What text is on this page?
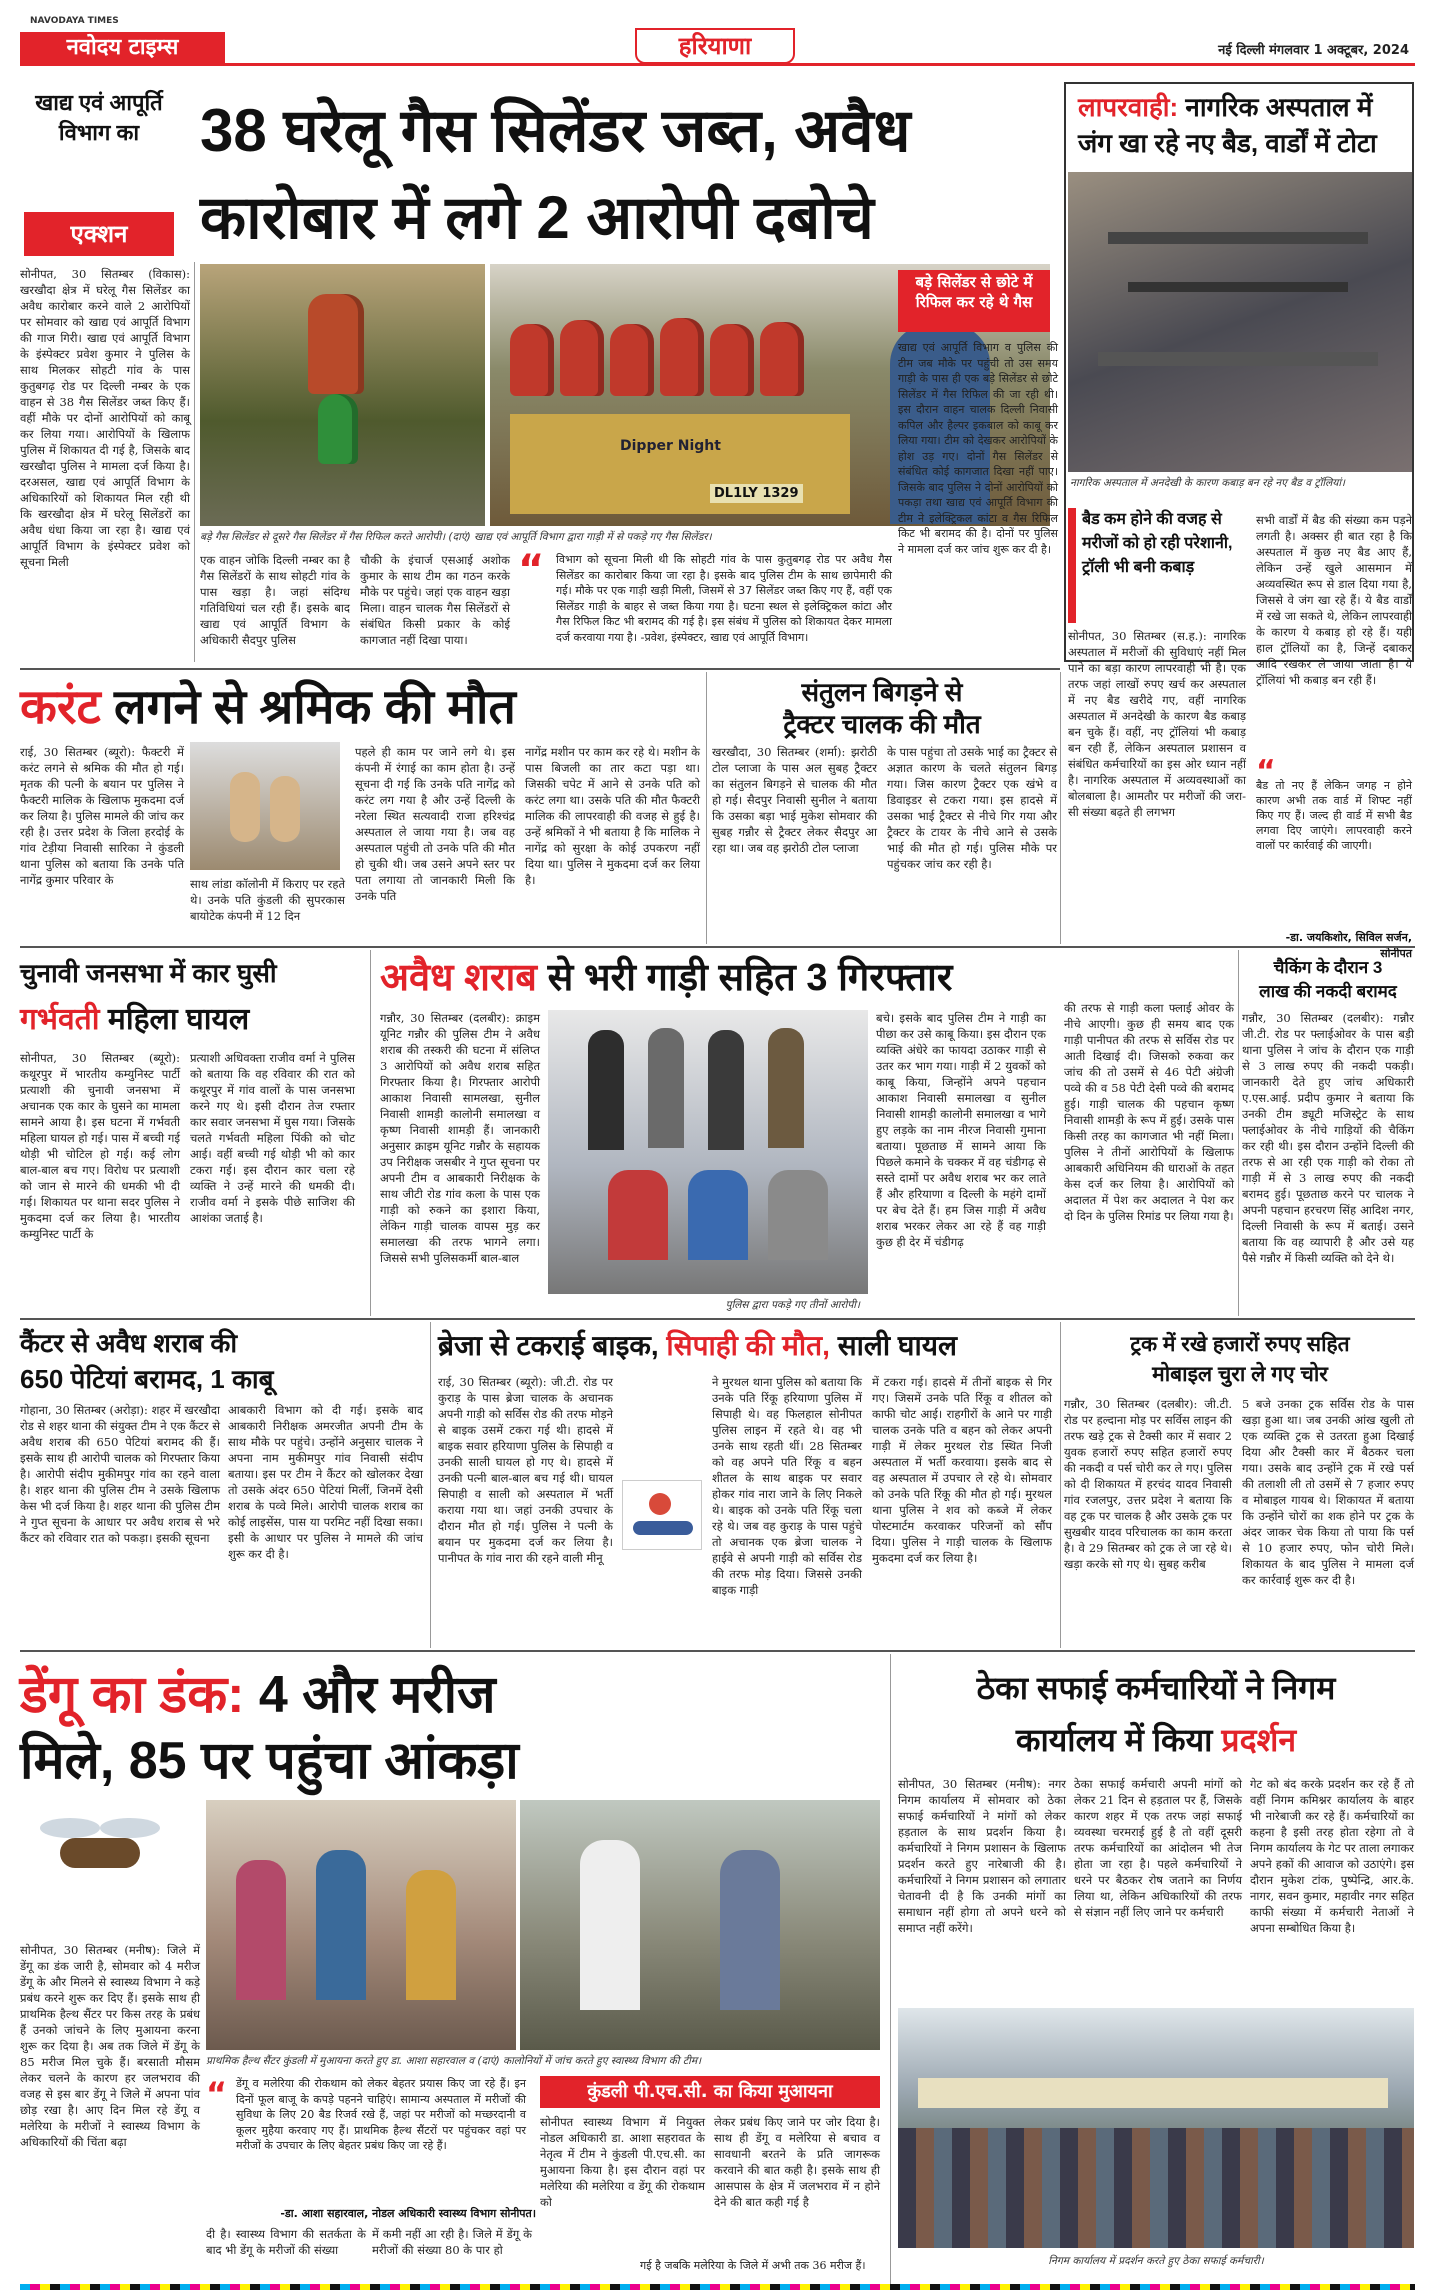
NAVODAYA TIMES
नवोदय टाइम्स	हरियाणा	नई दिल्ली मंगलवार 1 अक्टूबर, 2024
खाद्य एवं आपूर्ति विभाग का
एक्शन
38 घरेलू गैस सिलेंडर जब्त, अवैध
कारोबार में लगे 2 आरोपी दबोचे
सोनीपत, 30 सितम्बर (विकास): खरखौदा क्षेत्र में घरेलू गैस सिलेंडर का अवैध कारोबार करने वाले 2 आरोपियों पर सोमवार को खाद्य एवं आपूर्ति विभाग की गाज गिरी। खाद्य एवं आपूर्ति विभाग के इंस्पेक्टर प्रवेश कुमार ने पुलिस के साथ मिलकर सोहटी गांव के पास कुतुबगढ़ रोड पर दिल्ली नम्बर के एक वाहन से 38 गैस सिलेंडर जब्त किए हैं। वहीं मौके पर दोनों आरोपियों को काबू कर लिया गया। आरोपियों के खिलाफ पुलिस में शिकायत दी गई है, जिसके बाद खरखौदा पुलिस ने मामला दर्ज किया है। दरअसल, खाद्य एवं आपूर्ति विभाग के अधिकारियों को शिकायत मिल रही थी कि खरखौदा क्षेत्र में घरेलू सिलेंडरों का अवैध धंधा किया जा रहा है। खाद्य एवं आपूर्ति विभाग के इंस्पेक्टर प्रवेश को सूचना मिली
Dipper Night
DL1LY 1329
बड़े सिलेंडर से छोटे में रिफिल कर रहे थे गैस
बड़े गैस सिलेंडर से दूसरे गैस सिलेंडर में गैस रिफिल करते आरोपी। (दाएं) खाद्य एवं आपूर्ति विभाग द्वारा गाड़ी में से पकड़े गए गैस सिलेंडर।
खाद्य एवं आपूर्ति विभाग व पुलिस की टीम जब मौके पर पहुंची तो उस समय गाड़ी के पास ही एक बड़े सिलेंडर से छोटे सिलेंडर में गैस रिफिल की जा रही थी। इस दौरान वाहन चालक दिल्ली निवासी कपिल और हैल्पर इकबाल को काबू कर लिया गया। टीम को देखकर आरोपियों के होश उड़ गए। दोनों गैस सिलेंडर से संबंधित कोई कागजात दिखा नहीं पाए। जिसके बाद पुलिस ने दोनों आरोपियों को पकड़ा तथा खाद्य एवं आपूर्ति विभाग की टीम ने इलेक्ट्रिकल कांटा व गैस रिफिल किट भी बरामद की है। दोनों पर पुलिस ने मामला दर्ज कर जांच शुरू कर दी है।
एक वाहन जोकि दिल्ली नम्बर का है गैस सिलेंडरों के साथ सोहटी गांव के पास खड़ा है। जहां संदिग्ध गतिविधियां चल रही हैं। इसके बाद खाद्य एवं आपूर्ति विभाग के अधिकारी सैदपुर पुलिस
चौकी के इंचार्ज एसआई अशोक कुमार के साथ टीम का गठन करके मौके पर पहुंचे। जहां एक वाहन खड़ा मिला। वाहन चालक गैस सिलेंडरों से संबंधित किसी प्रकार के कोई कागजात नहीं दिखा पाया।
“ विभाग को सूचना मिली थी कि सोहटी गांव के पास कुतुबगढ़ रोड पर अवैध गैस सिलेंडर का कारोबार किया जा रहा है। इसके बाद पुलिस टीम के साथ छापेमारी की गई। मौके पर एक गाड़ी खड़ी मिली, जिसमें से 37 सिलेंडर जब्त किए गए हैं, वहीं एक सिलेंडर गाड़ी के बाहर से जब्त किया गया है। घटना स्थल से इलेक्ट्रिकल कांटा और गैस रिफिल किट भी बरामद की गई है। इस संबंध में पुलिस को शिकायत देकर मामला दर्ज करवाया गया है। -प्रवेश, इंस्पेक्टर, खाद्य एवं आपूर्ति विभाग।
लापरवाही: नागरिक अस्पताल में
जंग खा रहे नए बैड, वार्डों में टोटा
नागरिक अस्पताल में अनदेखी के कारण कबाड़ बन रहे नए बैड व ट्रॉलियां।
बैड कम होने की वजह से मरीजों को हो रही परेशानी, ट्रॉली भी बनी कबाड़
सोनीपत, 30 सितम्बर (स.ह.): नागरिक अस्पताल में मरीजों की सुविधाएं नहीं मिल पाने का बड़ा कारण लापरवाही भी है। एक तरफ जहां लाखों रुपए खर्च कर अस्पताल में नए बैड खरीदे गए, वहीं नागरिक अस्पताल में अनदेखी के कारण बैड कबाड़ बन चुके हैं। वहीं, नए ट्रॉलियां भी कबाड़ बन रही हैं, लेकिन अस्पताल प्रशासन व संबंधित कर्मचारियों का इस ओर ध्यान नहीं है। नागरिक अस्पताल में अव्यवस्थाओं का बोलबाला है। आमतौर पर मरीजों की जरा-सी संख्या बढ़ते ही लगभग
सभी वार्डों में बैड की संख्या कम पड़ने लगती है। अक्सर ही बात रहा है कि अस्पताल में कुछ नए बैड आए हैं, लेकिन उन्हें खुले आसमान में अव्यवस्थित रूप से डाल दिया गया है, जिससे वे जंग खा रहे हैं। ये बैड वार्डों में रखे जा सकते थे, लेकिन लापरवाही के कारण ये कबाड़ हो रहे हैं। यही हाल ट्रॉलियों का है, जिन्हें दबाकर आदि रखकर ले जाया जाता है। ये ट्रॉलियां भी कबाड़ बन रही हैं।
“
बैड तो नए हैं लेकिन जगह न होने कारण अभी तक वार्ड में शिफ्ट नहीं किए गए हैं। जल्द ही वार्ड में सभी बैड लगवा दिए जाएंगे। लापरवाही करने वालों पर कार्रवाई की जाएगी।
-डा. जयकिशोर, सिविल सर्जन, सोनीपत
करंट लगने से श्रमिक की मौत
राई, 30 सितम्बर (ब्यूरो): फैक्टरी में करंट लगने से श्रमिक की मौत हो गई। मृतक की पत्नी के बयान पर पुलिस ने फैक्टरी मालिक के खिलाफ मुकदमा दर्ज कर लिया है। पुलिस मामले की जांच कर रही है। उत्तर प्रदेश के जिला हरदोई के गांव टेड़ीया निवासी सारिका ने कुंडली थाना पुलिस को बताया कि उनके पति नागेंद्र कुमार परिवार के	साथ लांडा कॉलोनी में किराए पर रहते थे। उनके पति कुंडली की सुपरकास बायोटेक कंपनी में 12 दिन
पहले ही काम पर जाने लगे थे। इस कंपनी में रंगाई का काम होता है। उन्हें सूचना दी गई कि उनके पति नागेंद्र को करंट लग गया है और उन्हें दिल्ली के नरेला स्थित सत्यवादी राजा हरिश्चंद्र अस्पताल ले जाया गया है। जब वह अस्पताल पहुंची तो उनके पति की मौत हो चुकी थी। जब उसने अपने स्तर पर पता लगाया तो जानकारी मिली कि उनके पति
नागेंद्र मशीन पर काम कर रहे थे। मशीन के पास बिजली का तार कटा पड़ा था। जिसकी चपेट में आने से उनके पति को करंट लगा था। उसके पति की मौत फैक्टरी मालिक की लापरवाही की वजह से हुई है। उन्हें श्रमिकों ने भी बताया है कि मालिक ने नागेंद्र को सुरक्षा के कोई उपकरण नहीं दिया था। पुलिस ने मुकदमा दर्ज कर लिया है।
संतुलन बिगड़ने से
ट्रैक्टर चालक की मौत
खरखौदा, 30 सितम्बर (शर्मा): झरोठी टोल प्लाजा के पास अल सुबह ट्रैक्टर का संतुलन बिगड़ने से चालक की मौत हो गई। सैदपुर निवासी सुनील ने बताया कि उसका बड़ा भाई मुकेश सोमवार की सुबह गन्नौर से ट्रैक्टर लेकर सैदपुर आ रहा था। जब वह झरोठी टोल प्लाजा
के पास पहुंचा तो उसके भाई का ट्रैक्टर से अज्ञात कारण के चलते संतुलन बिगड़ गया। जिस कारण ट्रैक्टर एक खंभे व डिवाइडर से टकरा गया। इस हादसे में उसका भाई ट्रैक्टर से नीचे गिर गया और ट्रैक्टर के टायर के नीचे आने से उसके भाई की मौत हो गई। पुलिस मौके पर पहुंचकर जांच कर रही है।
चुनावी जनसभा में कार घुसी
गर्भवती महिला घायल
सोनीपत, 30 सितम्बर (ब्यूरो): कथूरपुर में भारतीय कम्युनिस्ट पार्टी प्रत्याशी की चुनावी जनसभा में अचानक एक कार के घुसने का मामला सामने आया है। इस घटना में गर्भवती महिला घायल हो गई। पास में बच्ची गई थोड़ी भी चोटिल हो गई। कई लोग बाल-बाल बच गए। विरोध पर प्रत्याशी को जान से मारने की धमकी भी दी गई। शिकायत पर थाना सदर पुलिस ने मुकदमा दर्ज कर लिया है। भारतीय कम्युनिस्ट पार्टी के
प्रत्याशी अधिवक्ता राजीव वर्मा ने पुलिस को बताया कि वह रविवार की रात को कथूरपुर में गांव वालों के पास जनसभा करने गए थे। इसी दौरान तेज रफ्तार कार सवार जनसभा में घुस गया। जिसके चलते गर्भवती महिला पिंकी को चोट आई। वहीं बच्ची गई थोड़ी भी को कार टकरा गई। इस दौरान कार चला रहे व्यक्ति ने उन्हें मारने की धमकी दी। राजीव वर्मा ने इसके पीछे साजिश की आशंका जताई है।
अवैध शराब से भरी गाड़ी सहित 3 गिरफ्तार
गन्नौर, 30 सितम्बर (दलबीर): क्राइम यूनिट गन्नौर की पुलिस टीम ने अवैध शराब की तस्करी की घटना में संलिप्त 3 आरोपियों को अवैध शराब सहित गिरफ्तार किया है। गिरफ्तार आरोपी आकाश निवासी सामलखा, सुनील निवासी शामड़ी कालोनी समालखा व कृष्ण निवासी शामड़ी हैं। जानकारी अनुसार क्राइम यूनिट गन्नौर के सहायक उप निरीक्षक जसबीर ने गुप्त सूचना पर अपनी टीम व आबकारी निरीक्षक के साथ जीटी रोड गांव कला के पास एक गाड़ी को रुकने का इशारा किया, लेकिन गाड़ी चालक वापस मुड़ कर समालखा की तरफ भागने लगा। जिससे सभी पुलिसकर्मी बाल-बाल
पुलिस द्वारा पकड़े गए तीनों आरोपी।
बचे। इसके बाद पुलिस टीम ने गाड़ी का पीछा कर उसे काबू किया। इस दौरान एक व्यक्ति अंधेरे का फायदा उठाकर गाड़ी से उतर कर भाग गया। गाड़ी में 2 युवकों को काबू किया, जिन्होंने अपने पहचान आकाश निवासी समालखा व सुनील निवासी शामड़ी कालोनी समालखा व भागे हुए लड़के का नाम नीरज निवासी गुमाना बताया। पूछताछ में सामने आया कि पिछले कमाने के चक्कर में वह चंडीगढ़ से सस्ते दामों पर अवैध शराब भर कर लाते हैं और हरियाणा व दिल्ली के महंगे दामों पर बेच देते हैं। हम जिस गाड़ी में अवैध शराब भरकर लेकर आ रहे हैं वह गाड़ी कुछ ही देर में चंडीगढ़
की तरफ से गाड़ी कला फ्लाई ओवर के नीचे आएगी। कुछ ही समय बाद एक गाड़ी पानीपत की तरफ से सर्विस रोड पर आती दिखाई दी। जिसको रुकवा कर जांच की तो उसमें से 46 पेटी अंग्रेजी पव्वे की व 58 पेटी देसी पव्वे की बरामद हुई। गाड़ी चालक की पहचान कृष्ण निवासी शामड़ी के रूप में हुई। उसके पास किसी तरह का कागजात भी नहीं मिला। पुलिस ने तीनों आरोपियों के खिलाफ आबकारी अधिनियम की धाराओं के तहत केस दर्ज कर लिया है। आरोपियों को अदालत में पेश कर अदालत ने पेश कर दो दिन के पुलिस रिमांड पर लिया गया है।
चैकिंग के दौरान 3
लाख की नकदी बरामद
गन्नौर, 30 सितम्बर (दलबीर): गन्नौर जी.टी. रोड पर फ्लाईओवर के पास बड़ी थाना पुलिस ने जांच के दौरान एक गाड़ी से 3 लाख रुपए की नकदी पकड़ी। जानकारी देते हुए जांच अधिकारी ए.एस.आई. प्रदीप कुमार ने बताया कि उनकी टीम ड्यूटी मजिस्ट्रेट के साथ फ्लाईओवर के नीचे गाड़ियों की चैकिंग कर रही थी। इस दौरान उन्होंने दिल्ली की तरफ से आ रही एक गाड़ी को रोका तो गाड़ी में से 3 लाख रुपए की नकदी बरामद हुई। पूछताछ करने पर चालक ने अपनी पहचान हरचरण सिंह आदिश नगर, दिल्ली निवासी के रूप में बताई। उसने बताया कि वह व्यापारी है और उसे यह पैसे गन्नौर में किसी व्यक्ति को देने थे।
कैंटर से अवैध शराब की
650 पेटियां बरामद, 1 काबू
गोहाना, 30 सितम्बर (अरोड़ा): शहर में खरखौदा रोड से शहर थाना की संयुक्त टीम ने एक कैंटर से अवैध शराब की 650 पेटियां बरामद की हैं। इसके साथ ही आरोपी चालक को गिरफ्तार किया है। आरोपी संदीप मुकीमपुर गांव का रहने वाला है। शहर थाना की पुलिस टीम ने उसके खिलाफ केस भी दर्ज किया है। शहर थाना की पुलिस टीम ने गुप्त सूचना के आधार पर अवैध शराब से भरे कैंटर को रविवार रात को पकड़ा। इसकी सूचना
आबकारी विभाग को दी गई। इसके बाद आबकारी निरीक्षक अमरजीत अपनी टीम के साथ मौके पर पहुंचे। उन्होंने अनुसार चालक ने अपना नाम मुकीमपुर गांव निवासी संदीप बताया। इस पर टीम ने कैंटर को खोलकर देखा तो उसके अंदर 650 पेटियां मिलीं, जिनमें देसी शराब के पव्वे मिले। आरोपी चालक शराब का कोई लाइसेंस, पास या परमिट नहीं दिखा सका। इसी के आधार पर पुलिस ने मामले की जांच शुरू कर दी है।
ब्रेजा से टकराई बाइक, सिपाही की मौत, साली घायल
राई, 30 सितम्बर (ब्यूरो): जी.टी. रोड पर कुराड़ के पास ब्रेजा चालक के अचानक अपनी गाड़ी को सर्विस रोड की तरफ मोड़ने से बाइक उसमें टकरा गई थी। हादसे में बाइक सवार हरियाणा पुलिस के सिपाही व उनकी साली घायल हो गए थे। हादसे में उनकी पत्नी बाल-बाल बच गई थी। घायल सिपाही व साली को अस्पताल में भर्ती कराया गया था। जहां उनकी उपचार के दौरान मौत हो गई। पुलिस ने पत्नी के बयान पर मुकदमा दर्ज कर लिया है। पानीपत के गांव नारा की रहने वाली मीनू
ने मुरथल थाना पुलिस को बताया कि उनके पति रिंकू हरियाणा पुलिस में सिपाही थे। वह फिलहाल सोनीपत पुलिस लाइन में रहते थे। वह भी उनके साथ रहती थीं। 28 सितम्बर को वह अपने पति रिंकू व बहन शीतल के साथ बाइक पर सवार होकर गांव नारा जाने के लिए निकले थे। बाइक को उनके पति रिंकू चला रहे थे। जब वह कुराड़ के पास पहुंचे तो अचानक एक ब्रेजा चालक ने हाईवे से अपनी गाड़ी को सर्विस रोड की तरफ मोड़ दिया। जिससे उनकी बाइक गाड़ी
में टकरा गई। हादसे में तीनों बाइक से गिर गए। जिसमें उनके पति रिंकू व शीतल को काफी चोट आई। राहगीरों के आने पर गाड़ी चालक उनके पति व बहन को लेकर अपनी गाड़ी में लेकर मुरथल रोड स्थित निजी अस्पताल में भर्ती करवाया। इसके बाद से वह अस्पताल में उपचार ले रहे थे। सोमवार को उनके पति रिंकू की मौत हो गई। मुरथल थाना पुलिस ने शव को कब्जे में लेकर पोस्टमार्टम करवाकर परिजनों को सौंप दिया। पुलिस ने गाड़ी चालक के खिलाफ मुकदमा दर्ज कर लिया है।
ट्रक में रखे हजारों रुपए सहित
मोबाइल चुरा ले गए चोर
गन्नौर, 30 सितम्बर (दलबीर): जी.टी. रोड पर हल्दाना मोड़ पर सर्विस लाइन की तरफ खड़े ट्रक से टैक्सी कार में सवार 2 युवक हजारों रुपए सहित हजारों रुपए की नकदी व पर्स चोरी कर ले गए। पुलिस को दी शिकायत में हरचंद यादव निवासी गांव रजलपुर, उत्तर प्रदेश ने बताया कि वह ट्रक पर चालक है और उसके ट्रक पर सुखबीर यादव परिचालक का काम करता है। वे 29 सितम्बर को ट्रक ले जा रहे थे। खड़ा करके सो गए थे। सुबह करीब
5 बजे उनका ट्रक सर्विस रोड के पास खड़ा हुआ था। जब उनकी आंख खुली तो एक व्यक्ति ट्रक से उतरता हुआ दिखाई दिया और टैक्सी कार में बैठकर चला गया। उसके बाद उन्होंने ट्रक में रखे पर्स की तलाशी ली तो उसमें से 7 हजार रुपए व मोबाइल गायब थे। शिकायत में बताया कि उन्होंने चोरों का शक होने पर ट्रक के अंदर जाकर चेक किया तो पाया कि पर्स से 10 हजार रुपए, फोन चोरी मिले। शिकायत के बाद पुलिस ने मामला दर्ज कर कार्रवाई शुरू कर दी है।
डेंगू का डंक: 4 और मरीज
मिले, 85 पर पहुंचा आंकड़ा
सोनीपत, 30 सितम्बर (मनीष): जिले में डेंगू का डंक जारी है, सोमवार को 4 मरीज डेंगू के और मिलने से स्वास्थ्य विभाग ने कड़े प्रबंध करने शुरू कर दिए हैं। इसके साथ ही प्राथमिक हैल्थ सैंटर पर किस तरह के प्रबंध हैं उनको जांचने के लिए मुआयना करना शुरू कर दिया है। अब तक जिले में डेंगू के 85 मरीज मिल चुके हैं। बरसाती मौसम लेकर चलने के कारण हर जलभराव की वजह से इस बार डेंगू ने जिले में अपना पांव छोड़ रखा है। आए दिन मिल रहे डेंगू व मलेरिया के मरीजों ने स्वास्थ्य विभाग के अधिकारियों की चिंता बढ़ा
प्राथमिक हैल्थ सैंटर कुंडली में मुआयना करते हुए डा. आशा सहारवाल व (दाएं) कालोनियों में जांच करते हुए स्वास्थ्य विभाग की टीम।
“ डेंगू व मलेरिया की रोकथाम को लेकर बेहतर प्रयास किए जा रहे हैं। इन दिनों फूल बाजू के कपड़े पहनने चाहिएं। सामान्य अस्पताल में मरीजों की सुविधा के लिए 20 बैड रिजर्व रखे हैं, जहां पर मरीजों को मच्छरदानी व कूलर मुहैया करवाए गए हैं। प्राथमिक हैल्थ सैंटरों पर पहुंचकर वहां पर मरीजों के उपचार के लिए बेहतर प्रबंध किए जा रहे हैं।
-डा. आशा सहारवाल, नोडल अधिकारी स्वास्थ्य विभाग सोनीपत।
दी है। स्वास्थ्य विभाग की सतर्कता के बाद भी डेंगू के मरीजों की संख्या
में कमी नहीं आ रही है। जिले में डेंगू के मरीजों की संख्या 80 के पार हो
कुंडली पी.एच.सी. का किया मुआयना
सोनीपत स्वास्थ्य विभाग में नियुक्त नोडल अधिकारी डा. आशा सहरावत के नेतृत्व में टीम ने कुंडली पी.एच.सी. का मुआयना किया है। इस दौरान वहां पर मलेरिया की मलेरिया व डेंगू की रोकथाम को
लेकर प्रबंध किए जाने पर जोर दिया है। साथ ही डेंगू व मलेरिया से बचाव व सावधानी बरतने के प्रति जागरूक करवाने की बात कही है। इसके साथ ही आसपास के क्षेत्र में जलभराव में न होने देने की बात कही गई है
गई है जबकि मलेरिया के जिले में अभी तक 36 मरीज हैं।
ठेका सफाई कर्मचारियों ने निगम
कार्यालय में किया प्रदर्शन
सोनीपत, 30 सितम्बर (मनीष): नगर निगम कार्यालय में सोमवार को ठेका सफाई कर्मचारियों ने मांगों को लेकर हड़ताल के साथ प्रदर्शन किया है। कर्मचारियों ने निगम प्रशासन के खिलाफ प्रदर्शन करते हुए नारेबाजी की है। कर्मचारियों ने निगम प्रशासन को लगातार चेतावनी दी है कि उनकी मांगों का समाधान नहीं होगा तो अपने धरने को समाप्त नहीं करेंगे।
ठेका सफाई कर्मचारी अपनी मांगों को लेकर 21 दिन से हड़ताल पर हैं, जिसके कारण शहर में एक तरफ जहां सफाई व्यवस्था चरमराई हुई है तो वहीं दूसरी तरफ कर्मचारियों का आंदोलन भी तेज होता जा रहा है। पहले कर्मचारियों ने धरने पर बैठकर रोष जताने का निर्णय लिया था, लेकिन अधिकारियों की तरफ से संज्ञान नहीं लिए जाने पर कर्मचारी
गेट को बंद करके प्रदर्शन कर रहे हैं तो वहीं निगम कमिश्नर कार्यालय के बाहर भी नारेबाजी कर रहे हैं। कर्मचारियों का कहना है इसी तरह होता रहेगा तो वे निगम कार्यालय के गेट पर ताला लगाकर अपने हकों की आवाज को उठाएंगे। इस दौरान मुकेश टांक, पुष्पेन्द्रि, आर.के. नागर, सवन कुमार, महावीर नगर सहित काफी संख्या में कर्मचारी नेताओं ने अपना सम्बोधित किया है।
निगम कार्यालय में प्रदर्शन करते हुए ठेका सफाई कर्मचारी।
